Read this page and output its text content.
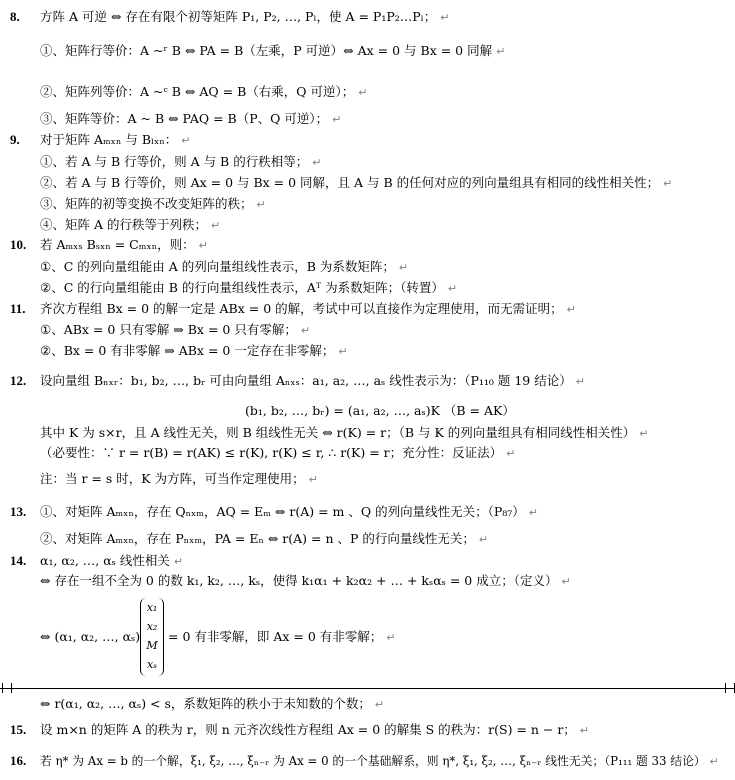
8. 方阵 A 可逆 ⇔ 存在有限个初等矩阵 P₁, P₂, …, Pₗ，使 A = P₁P₂…Pₗ； ↵
①、矩阵行等价：A ~ʳ B ⇔ PA = B（左乘，P 可逆）⇔ Ax = 0 与 Bx = 0 同解 ↵
②、矩阵列等价：A ~ᶜ B ⇔ AQ = B（右乘，Q 可逆）； ↵
③、矩阵等价：A ~ B ⇔ PAQ = B（P、Q 可逆）； ↵
9. 对于矩阵 Aₘₓₙ 与 Bₗₓₙ： ↵
①、若 A 与 B 行等价，则 A 与 B 的行秩相等； ↵
②、若 A 与 B 行等价，则 Ax = 0 与 Bx = 0 同解，且 A 与 B 的任何对应的列向量组具有相同的线性相关性； ↵
③、矩阵的初等变换不改变矩阵的秩； ↵
④、矩阵 A 的行秩等于列秩； ↵
10. 若 Aₘₓₛ Bₛₓₙ = Cₘₓₙ，则： ↵
①、C 的列向量组能由 A 的列向量组线性表示，B 为系数矩阵； ↵
②、C 的行向量组能由 B 的行向量组线性表示，Aᵀ 为系数矩阵；（转置） ↵
11. 齐次方程组 Bx = 0 的解一定是 ABx = 0 的解，考试中可以直接作为定理使用，而无需证明； ↵
①、ABx = 0 只有零解 ⇒ Bx = 0 只有零解； ↵
②、Bx = 0 有非零解 ⇒ ABx = 0 一定存在非零解； ↵
12. 设向量组 Bₙₓᵣ：b₁, b₂, …, bᵣ 可由向量组 Aₙₓₛ：a₁, a₂, …, aₛ 线性表示为：（P₁₁₀ 题 19 结论） ↵
(b₁, b₂, …, bᵣ) = (a₁, a₂, …, aₛ)K （B = AK）
其中 K 为 s×r，且 A 线性无关，则 B 组线性无关 ⇔ r(K) = r；（B 与 K 的列向量组具有相同线性相关性） ↵
（必要性：∵ r = r(B) = r(AK) ≤ r(K), r(K) ≤ r, ∴ r(K) = r；充分性：反证法） ↵
注：当 r = s 时，K 为方阵，可当作定理使用； ↵
13. ①、对矩阵 Aₘₓₙ，存在 Qₙₓₘ，AQ = Eₘ ⇔ r(A) = m 、Q 的列向量线性无关；（P₈₇） ↵
②、对矩阵 Aₘₓₙ，存在 Pₙₓₘ，PA = Eₙ ⇔ r(A) = n 、P 的行向量线性无关； ↵
14. α₁, α₂, …, αₛ 线性相关 ↵
⇔ 存在一组不全为 0 的数 k₁, k₂, …, kₛ，使得 k₁α₁ + k₂α₂ + … + kₛαₛ = 0 成立；（定义） ↵
⇔ (α₁, α₂, …, αₛ)
x₁
x₂
M
xₛ
= 0 有非零解，即 Ax = 0 有非零解； ↵
⇔ r(α₁, α₂, …, αₛ) < s，系数矩阵的秩小于未知数的个数； ↵
15. 设 m×n 的矩阵 A 的秩为 r，则 n 元齐次线性方程组 Ax = 0 的解集 S 的秩为：r(S) = n − r； ↵
16. 若 η* 为 Ax = b 的一个解，ξ₁, ξ₂, …, ξₙ₋ᵣ 为 Ax = 0 的一个基础解系，则 η*, ξ₁, ξ₂, …, ξₙ₋ᵣ 线性无关；（P₁₁₁ 题 33 结论） ↵
